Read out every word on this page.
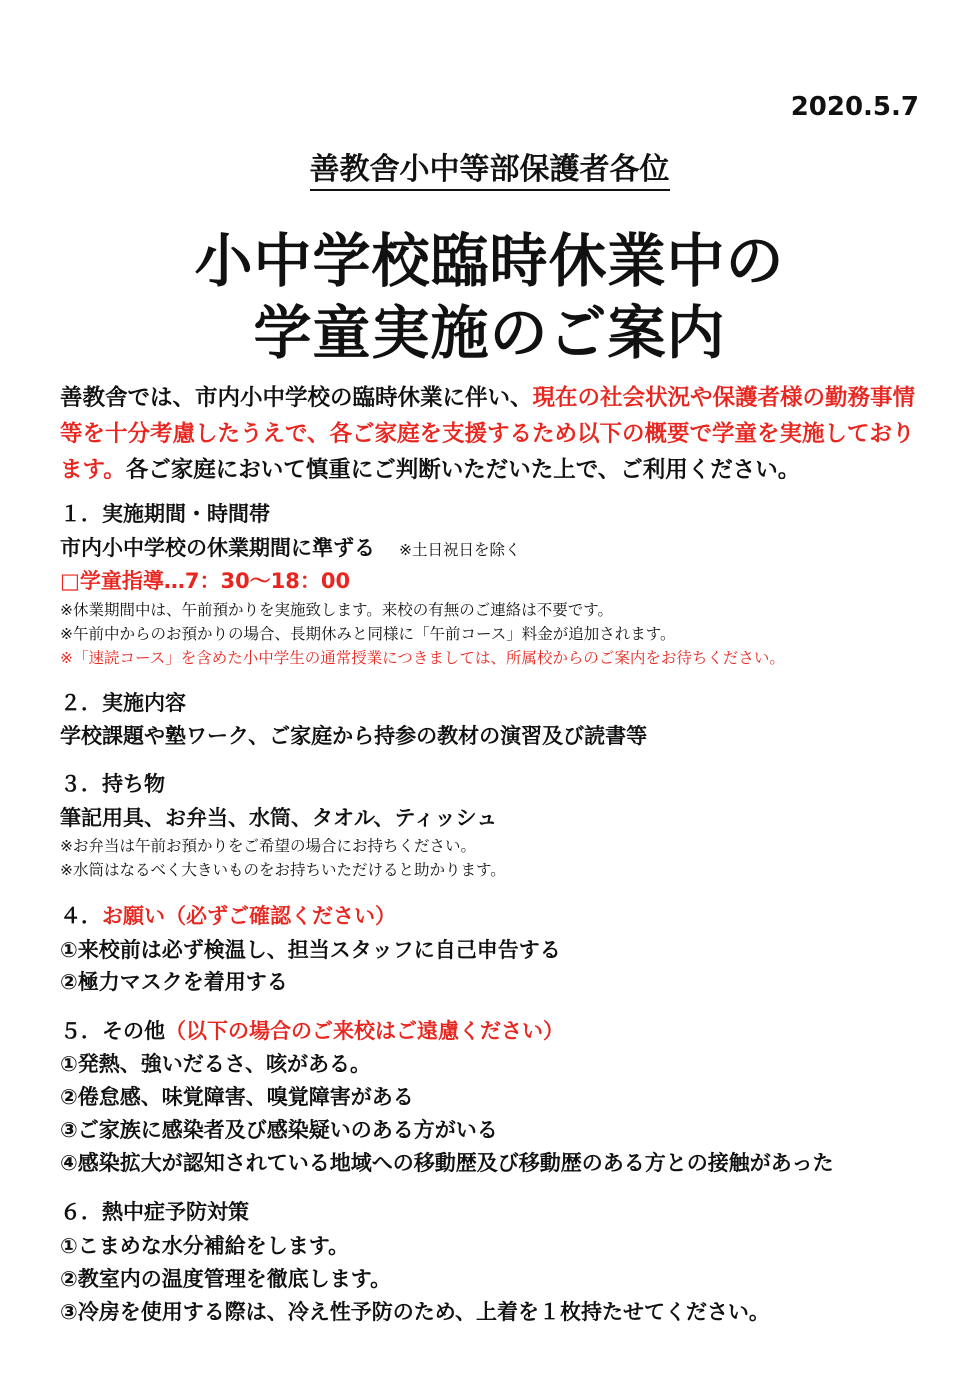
2020.5.7
善教舎小中等部保護者各位
小中学校臨時休業中の
学童実施のご案内
善教舎では、市内小中学校の臨時休業に伴い、現在の社会状況や保護者様の勤務事情等を十分考慮したうえで、各ご家庭を支援するため以下の概要で学童を実施しております。各ご家庭において慎重にご判断いただいた上で、ご利用ください。
１．実施期間・時間帯
市内小中学校の休業期間に準ずる ※土日祝日を除く
□学童指導…7：30～18：00
※休業期間中は、午前預かりを実施致します。来校の有無のご連絡は不要です。
※午前中からのお預かりの場合、長期休みと同様に「午前コース」料金が追加されます。
※「速読コース」を含めた小中学生の通常授業につきましては、所属校からのご案内をお待ちください。
２．実施内容
学校課題や塾ワーク、ご家庭から持参の教材の演習及び読書等
３．持ち物
筆記用具、お弁当、水筒、タオル、ティッシュ
※お弁当は午前お預かりをご希望の場合にお持ちください。
※水筒はなるべく大きいものをお持ちいただけると助かります。
４．お願い（必ずご確認ください）
①来校前は必ず検温し、担当スタッフに自己申告する
②極力マスクを着用する
５．その他（以下の場合のご来校はご遠慮ください）
①発熱、強いだるさ、咳がある。
②倦怠感、味覚障害、嗅覚障害がある
③ご家族に感染者及び感染疑いのある方がいる
④感染拡大が認知されている地域への移動歴及び移動歴のある方との接触があった
６．熱中症予防対策
①こまめな水分補給をします。
②教室内の温度管理を徹底します。
③冷房を使用する際は、冷え性予防のため、上着を１枚持たせてください。
